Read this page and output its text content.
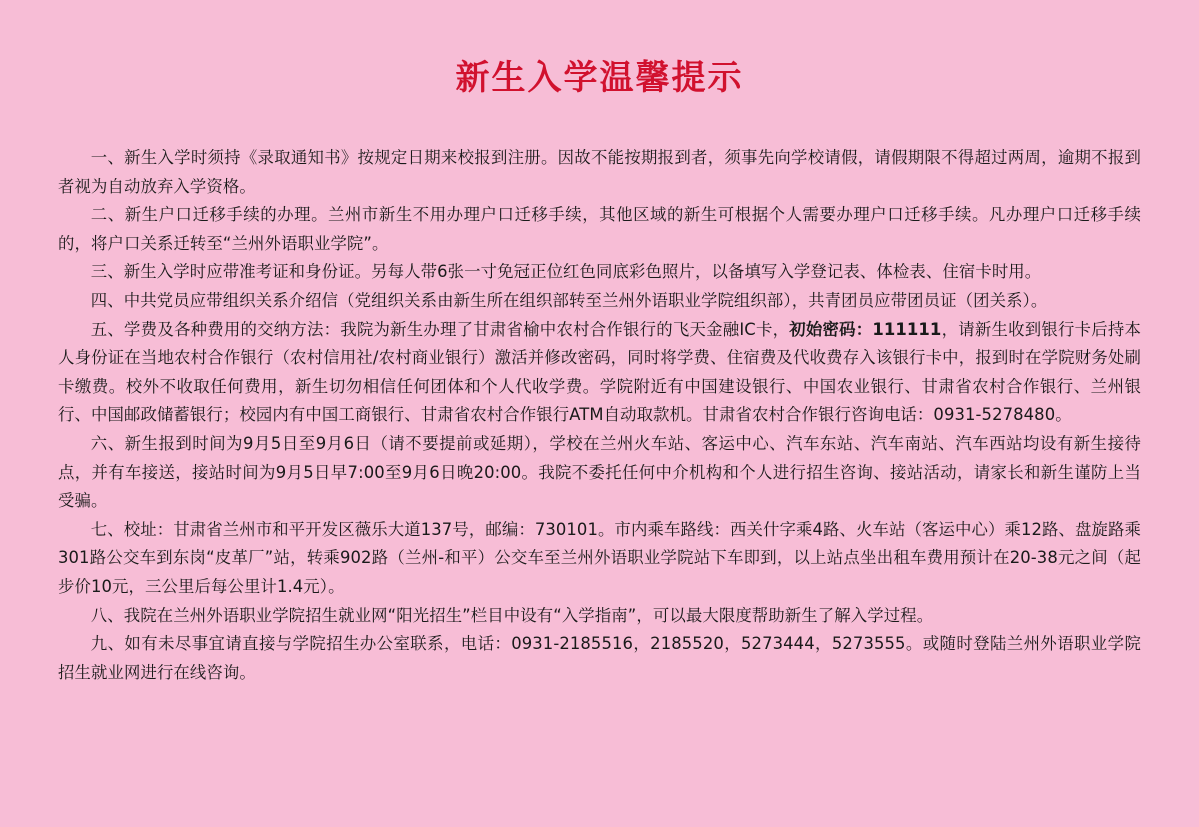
新生入学温馨提示

一、新生入学时须持《录取通知书》按规定日期来校报到注册。因故不能按期报到者，须事先向学校请假，请假期限不得超过两周，逾期不报到者视为自动放弃入学资格。

二、新生户口迁移手续的办理。兰州市新生不用办理户口迁移手续，其他区域的新生可根据个人需要办理户口迁移手续。凡办理户口迁移手续的，将户口关系迁转至“兰州外语职业学院”。

三、新生入学时应带准考证和身份证。另每人带6张一寸免冠正位红色同底彩色照片，以备填写入学登记表、体检表、住宿卡时用。

四、中共党员应带组织关系介绍信（党组织关系由新生所在组织部转至兰州外语职业学院组织部），共青团员应带团员证（团关系）。

五、学费及各种费用的交纳方法：我院为新生办理了甘肃省榆中农村合作银行的飞天金融IC卡，初始密码：111111，请新生收到银行卡后持本人身份证在当地农村合作银行（农村信用社/农村商业银行）激活并修改密码，同时将学费、住宿费及代收费存入该银行卡中，报到时在学院财务处刷卡缴费。校外不收取任何费用，新生切勿相信任何团体和个人代收学费。学院附近有中国建设银行、中国农业银行、甘肃省农村合作银行、兰州银行、中国邮政储蓄银行；校园内有中国工商银行、甘肃省农村合作银行ATM自动取款机。甘肃省农村合作银行咨询电话：0931-5278480。

六、新生报到时间为9月5日至9月6日（请不要提前或延期），学校在兰州火车站、客运中心、汽车东站、汽车南站、汽车西站均设有新生接待点，并有车接送，接站时间为9月5日早7:00至9月6日晚20:00。我院不委托任何中介机构和个人进行招生咨询、接站活动，请家长和新生谨防上当受骗。

七、校址：甘肃省兰州市和平开发区薇乐大道137号，邮编：730101。市内乘车路线：西关什字乘4路、火车站（客运中心）乘12路、盘旋路乘301路公交车到东岗“皮革厂”站，转乘902路（兰州-和平）公交车至兰州外语职业学院站下车即到，以上站点坐出租车费用预计在20-38元之间（起步价10元，三公里后每公里计1.4元）。

八、我院在兰州外语职业学院招生就业网“阳光招生”栏目中设有“入学指南”，可以最大限度帮助新生了解入学过程。

九、如有未尽事宜请直接与学院招生办公室联系，电话：0931-2185516，2185520，5273444，5273555。或随时登陆兰州外语职业学院招生就业网进行在线咨询。
